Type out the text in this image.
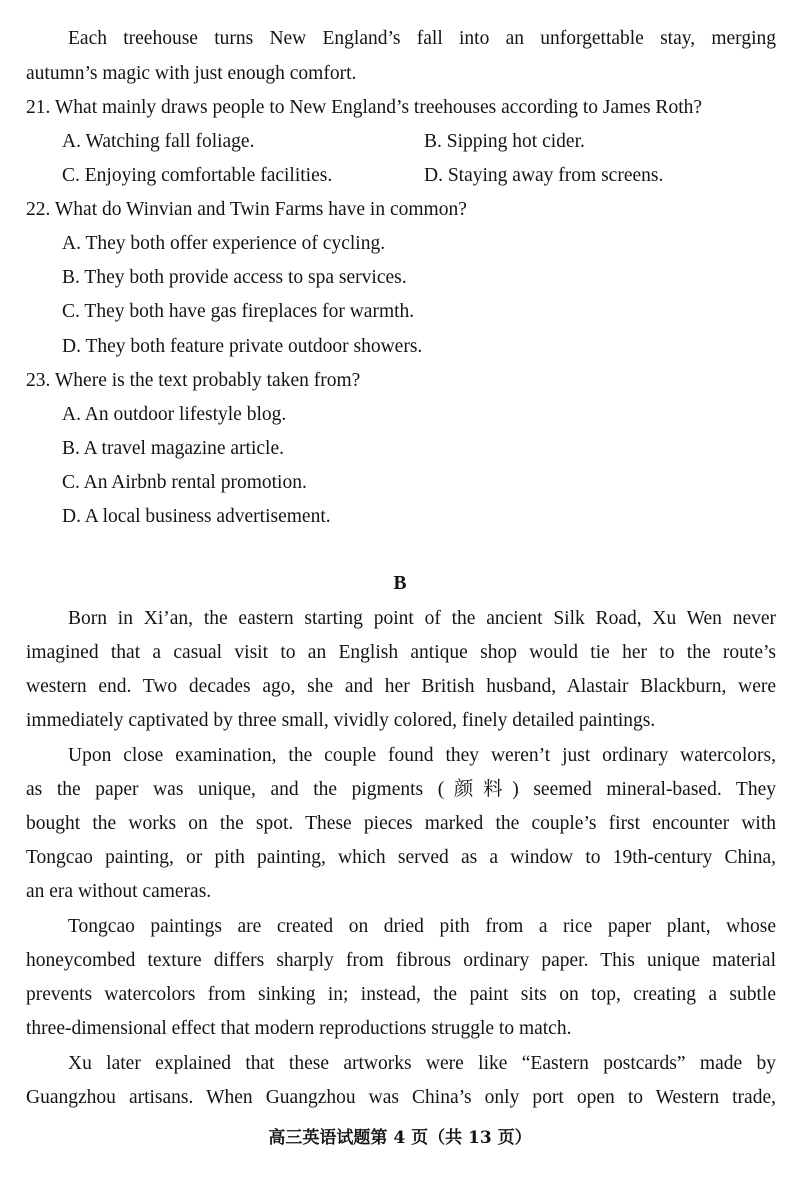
Each treehouse turns New England’s fall into an unforgettable stay, merging
autumn’s magic with just enough comfort.
21. What mainly draws people to New England’s treehouses according to James Roth?
A. Watching fall foliage.	B. Sipping hot cider.
C. Enjoying comfortable facilities.	D. Staying away from screens.
22. What do Winvian and Twin Farms have in common?
A. They both offer experience of cycling.
B. They both provide access to spa services.
C. They both have gas fireplaces for warmth.
D. They both feature private outdoor showers.
23. Where is the text probably taken from?
A. An outdoor lifestyle blog.
B. A travel magazine article.
C. An Airbnb rental promotion.
D. A local business advertisement.
B
Born in Xi’an, the eastern starting point of the ancient Silk Road, Xu Wen never
imagined that a casual visit to an English antique shop would tie her to the route’s
western end. Two decades ago, she and her British husband, Alastair Blackburn, were
immediately captivated by three small, vividly colored, finely detailed paintings.
Upon close examination, the couple found they weren’t just ordinary watercolors,
as the paper was unique, and the pigments (颜料) seemed mineral-based. They
bought the works on the spot. These pieces marked the couple’s first encounter with
Tongcao painting, or pith painting, which served as a window to 19th-century China,
an era without cameras.
Tongcao paintings are created on dried pith from a rice paper plant, whose
honeycombed texture differs sharply from fibrous ordinary paper. This unique material
prevents watercolors from sinking in; instead, the paint sits on top, creating a subtle
three-dimensional effect that modern reproductions struggle to match.
Xu later explained that these artworks were like “Eastern postcards” made by
Guangzhou artisans. When Guangzhou was China’s only port open to Western trade,
高三英语试题第 4 页（共 13 页）
